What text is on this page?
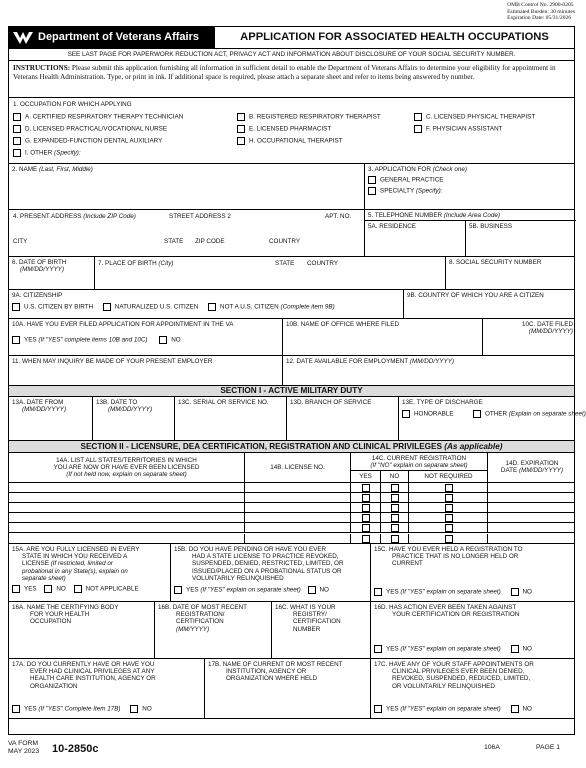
OMB Control No. 2900-0205
Estimated Burden: 30 minutes
Expiration Date: 05/31/2026
Department of Veterans Affairs	APPLICATION FOR ASSOCIATED HEALTH OCCUPATIONS
SEE LAST PAGE FOR PAPERWORK REDUCTION ACT, PRIVACY ACT AND INFORMATION ABOUT DISCLOSURE OF YOUR SOCIAL SECURITY NUMBER.
INSTRUCTIONS: Please submit this application furnishing all information in sufficient detail to enable the Department of Veterans Affairs to determine your eligibility for appointment in Veterans Health Administration. Type, or print in ink. If additional space is required, please attach a separate sheet and refer to items being answered by number.
1. OCCUPATION FOR WHICH APPLYING
A. CERTIFIED RESPIRATORY THERAPY TECHNICIAN	B. REGISTERED RESPIRATORY THERAPIST	C. LICENSED PHYSICAL THERAPIST
D. LICENSED PRACTICAL/VOCATIONAL NURSE	E. LICENSED PHARMACIST	F. PHYSICIAN ASSISTANT
G. EXPANDED-FUNCTION DENTAL AUXILIARY	H. OCCUPATIONAL THERAPIST
I. OTHER (Specify):
2. NAME (Last, First, Middle)	3. APPLICATION FOR (Check one)
GENERAL PRACTICE
SPECIALTY (Specify):
4. PRESENT ADDRESS (Include ZIP Code)	STREET ADDRESS 2	APT. NO.
CITY	STATE ZIP CODE	COUNTRY
5. TELEPHONE NUMBER (Include Area Code)
5A. RESIDENCE	5B. BUSINESS
6. DATE OF BIRTH
(MM/DD/YYYY)
7. PLACE OF BIRTH (City)	STATE COUNTRY	8. SOCIAL SECURITY NUMBER
9A. CITIZENSHIP
U.S. CITIZEN BY BIRTH	NATURALIZED U.S. CITIZEN	NOT A U.S. CITIZEN (Complete item 9B)
9B. COUNTRY OF WHICH YOU ARE A CITIZEN
10A. HAVE YOU EVER FILED APPLICATION FOR APPOINTMENT IN THE VA
YES (If "YES" complete items 10B and 10C)	NO
10B. NAME OF OFFICE WHERE FILED	10C. DATE FILED
(MM/DD/YYYY)
11. WHEN MAY INQUIRY BE MADE OF YOUR PRESENT EMPLOYER	12. DATE AVAILABLE FOR EMPLOYMENT (MM/DD/YYYY)
SECTION I - ACTIVE MILITARY DUTY
13A. DATE FROM
(MM/DD/YYYY)
13B. DATE TO
(MM/DD/YYYY)
13C. SERIAL OR SERVICE NO.	13D. BRANCH OF SERVICE	13E. TYPE OF DISCHARGE
HONORABLE	OTHER (Explain on separate sheet)
SECTION II - LICENSURE, DEA CERTIFICATION, REGISTRATION AND CLINICAL PRIVILEGES
(As applicable)
14A. LIST ALL STATES/TERRITORIES IN WHICH
YOU ARE NOW OR HAVE EVER BEEN LICENSED
(If not held now, explain on separate sheet)
14B. LICENSE NO.
14C. CURRENT REGISTRATION
(If "NO" explain on separate sheet)
YES	NO	NOT REQUIRED
14D. EXPIRATION
DATE (MM/DD/YYYY)
15A. ARE YOU FULLY LICENSED IN EVERY
STATE IN WHICH YOU RECEIVED A
LICENSE (If restricted, limited or
probational in any State(s), explain on
separate sheet)
YES	NO	NOT APPLICABLE
15B. DO YOU HAVE PENDING OR HAVE YOU EVER
HAD A STATE LICENSE TO PRACTICE REVOKED,
SUSPENDED, DENIED, RESTRICTED, LIMITED, OR
ISSUED/PLACED ON A PROBATIONAL STATUS OR
VOLUNTARILY RELINQUISHED
YES (If "YES" explain on separate sheet)	NO
15C. HAVE YOU EVER HELD A REGISTRATION TO
PRACTICE THAT IS NO LONGER HELD OR
CURRENT
YES (If "YES" explain on separate sheet)	NO
16A. NAME THE CERTIFYING BODY
FOR YOUR HEALTH
OCCUPATION
16B. DATE OF MOST RECENT
REGISTRATION/
CERTIFICATION
(MM/YYYY)
16C. WHAT IS YOUR
REGISTRY/
CERTIFICATION
NUMBER
16D. HAS ACTION EVER BEEN TAKEN AGAINST
YOUR CERTIFICATION OR REGISTRATION
YES (If "YES" explain on separate sheet)	NO
17A. DO YOU CURRENTLY HAVE OR HAVE YOU
EVER HAD CLINICAL PRIVILEGES AT ANY
HEALTH CARE INSTITUTION, AGENCY OR
ORGANIZATION
YES (If "YES" Complete Item 17B)	NO
17B. NAME OF CURRENT OR MOST RECENT
INSTITUTION, AGENCY OR
ORGANIZATION WHERE HELD
17C. HAVE ANY OF YOUR STAFF APPOINTMENTS OR
CLINICAL PRIVILEGES EVER BEEN DENIED,
REVOKED, SUSPENDED, REDUCED, LIMITED,
OR VOLUNTARILY RELINQUISHED
YES (If "YES" explain on separate sheet)	NO
VA FORM
MAY 2023 10-2850c	106A	PAGE 1
